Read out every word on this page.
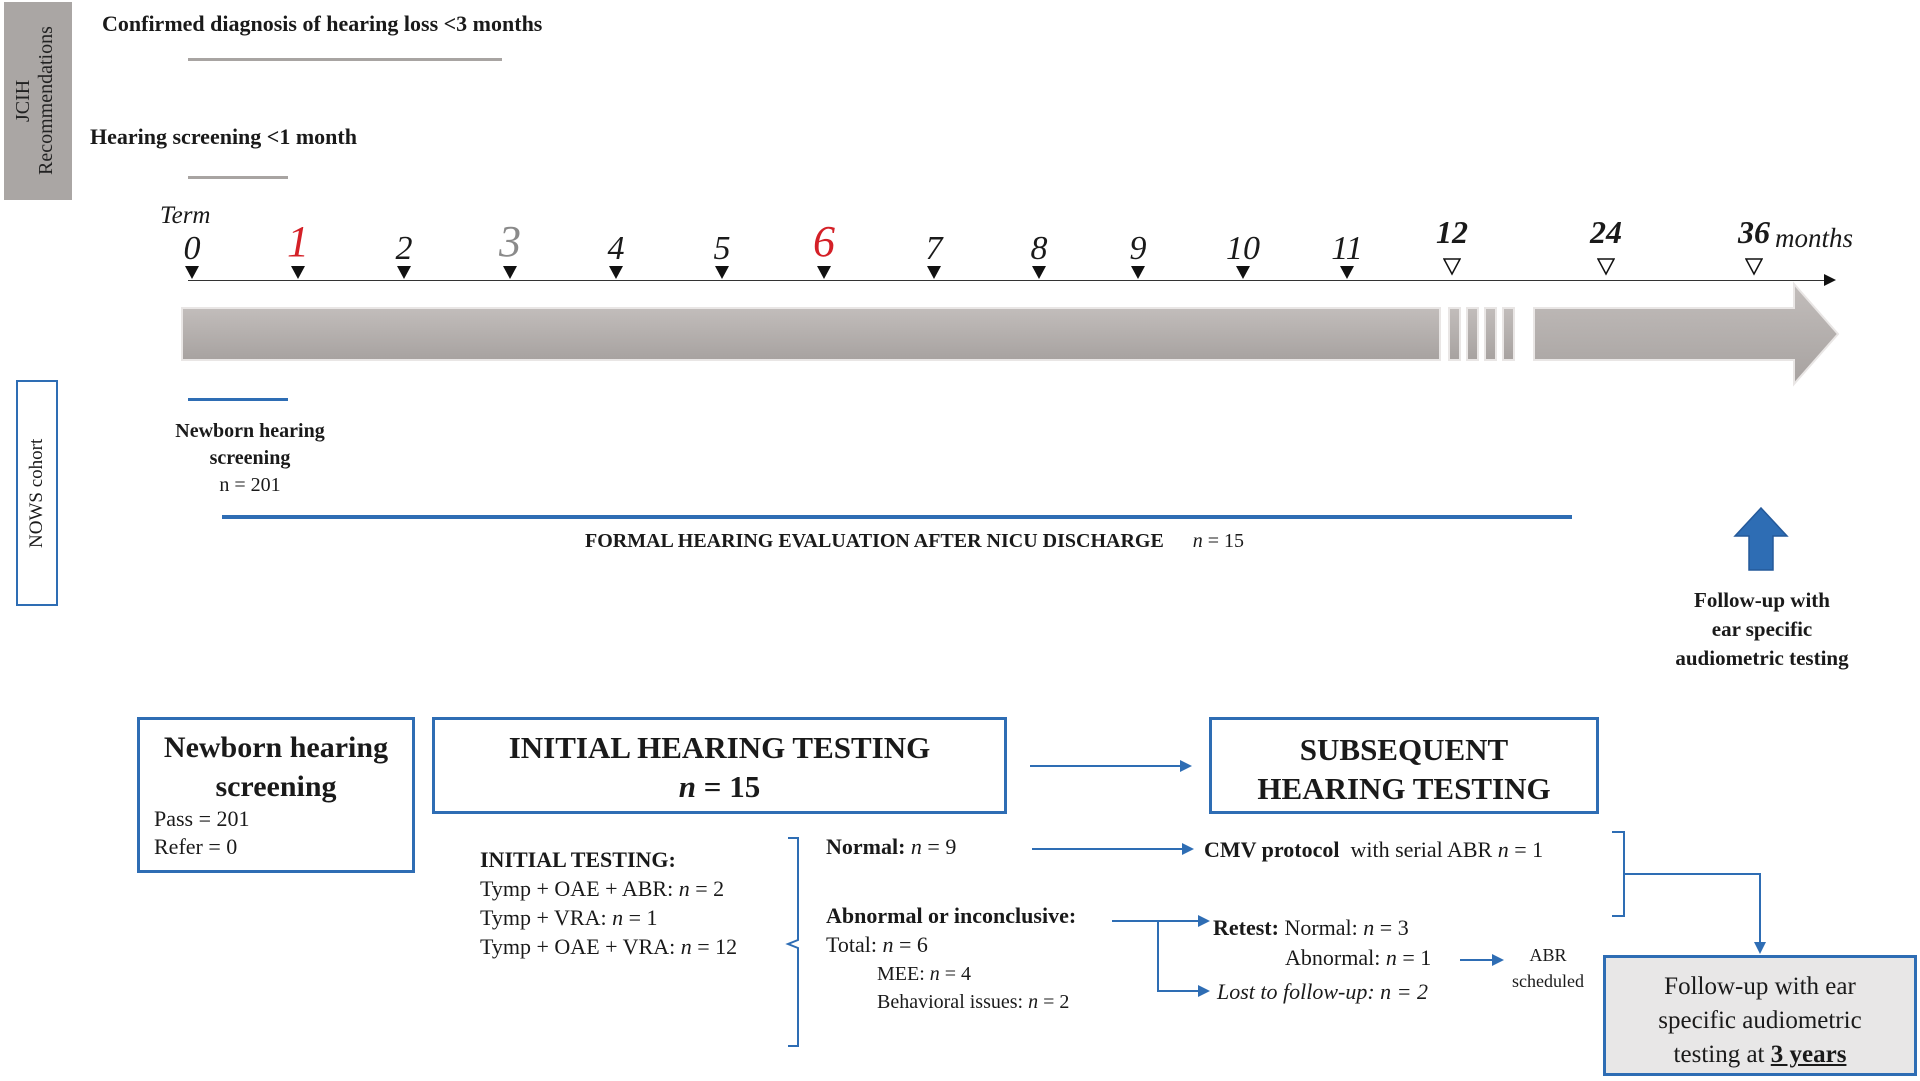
JCIH Recommendations
Confirmed diagnosis of hearing loss <3 months
Hearing screening <1 month
Term
0 1	2 3	4	5 6	7	8 9 10 11 12	24	36 months
NOWS cohort
Newborn hearing
screening
n = 201
FORMAL HEARING EVALUATION AFTER NICU DISCHARGE n = 15
Follow-up with
ear specific
audiometric testing
Newborn hearing
screening
Pass = 201
Refer = 0
INITIAL HEARING TESTING
n = 15
SUBSEQUENT
HEARING TESTING
INITIAL TESTING:
Tymp + OAE + ABR: n = 2
Tymp + VRA: n = 1
Tymp + OAE + VRA: n = 12
Normal: n = 9	CMV protocol  with serial ABR n = 1
Abnormal or inconclusive:
Total: n = 6
MEE: n = 4
Behavioral issues: n = 2
Retest: Normal: n = 3
Abnormal: n = 1	ABR
scheduled
Lost to follow-up: n = 2	Follow-up with ear
specific audiometric
testing at 3 years
